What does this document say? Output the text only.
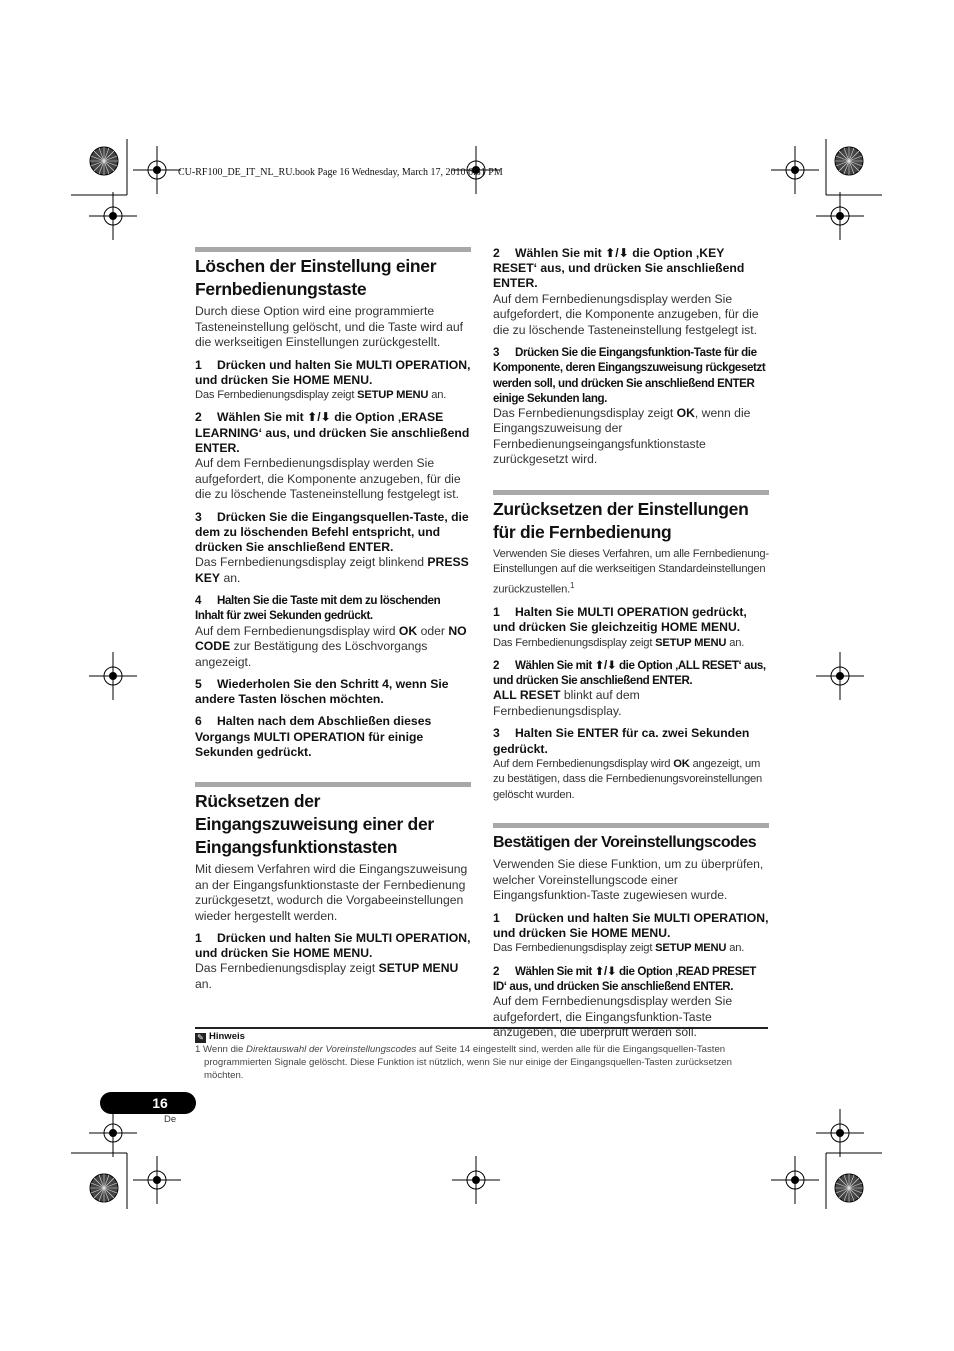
CU-RF100_DE_IT_NL_RU.book Page 16 Wednesday, March 17, 2010 6:31 PM
Löschen der Einstellung einer Fernbedienungstaste

Durch diese Option wird eine programmierte Tasteneinstellung gelöscht, und die Taste wird auf die werkseitigen Einstellungen zurückgestellt.

1 Drücken und halten Sie MULTI OPERATION, und drücken Sie HOME MENU.

Das Fernbedienungsdisplay zeigt SETUP MENU an.

2 Wählen Sie mit ⬆/⬇ die Option ‚ERASE LEARNING‘ aus, und drücken Sie anschließend ENTER.

Auf dem Fernbedienungsdisplay werden Sie aufgefordert, die Komponente anzugeben, für die die zu löschende Tasteneinstellung festgelegt ist.

3 Drücken Sie die Eingangsquellen-Taste, die dem zu löschenden Befehl entspricht, und drücken Sie anschließend ENTER.

Das Fernbedienungsdisplay zeigt blinkend PRESS KEY an.

4 Halten Sie die Taste mit dem zu löschenden Inhalt für zwei Sekunden gedrückt.

Auf dem Fernbedienungsdisplay wird OK oder NO CODE zur Bestätigung des Löschvorgangs angezeigt.

5 Wiederholen Sie den Schritt 4, wenn Sie andere Tasten löschen möchten.
6 Halten nach dem Abschließen dieses Vorgangs MULTI OPERATION für einige Sekunden gedrückt.
Rücksetzen der Eingangszuweisung einer der Eingangsfunktionstasten

Mit diesem Verfahren wird die Eingangszuweisung an der Eingangsfunktionstaste der Fernbedienung zurückgesetzt, wodurch die Vorgabeeinstellungen wieder hergestellt werden.

1 Drücken und halten Sie MULTI OPERATION, und drücken Sie HOME MENU.

Das Fernbedienungsdisplay zeigt SETUP MENU an.

2 Wählen Sie mit ⬆/⬇ die Option ‚KEY RESET‘ aus, und drücken Sie anschließend ENTER.

Auf dem Fernbedienungsdisplay werden Sie aufgefordert, die Komponente anzugeben, für die die zu löschende Tasteneinstellung festgelegt ist.

3 Drücken Sie die Eingangsfunktion-Taste für die Komponente, deren Eingangszuweisung rückgesetzt werden soll, und drücken Sie anschließend ENTER einige Sekunden lang.

Das Fernbedienungsdisplay zeigt OK, wenn die Eingangszuweisung der Fernbedienungseingangsfunktionstaste zurückgesetzt wird.

Zurücksetzen der Einstellungen für die Fernbedienung

Verwenden Sie dieses Verfahren, um alle Fernbedienung-Einstellungen auf die werkseitigen Standardeinstellungen zurückzustellen.$^1$

1 Halten Sie MULTI OPERATION gedrückt, und drücken Sie gleichzeitig HOME MENU.

Das Fernbedienungsdisplay zeigt SETUP MENU an.

2 Wählen Sie mit ⬆/⬇ die Option ‚ALL RESET‘ aus, und drücken Sie anschließend ENTER.

ALL RESET blinkt auf dem Fernbedienungsdisplay.

3 Halten Sie ENTER für ca. zwei Sekunden gedrückt.

Auf dem Fernbedienungsdisplay wird OK angezeigt, um zu bestätigen, dass die Fernbedienungsvoreinstellungen gelöscht wurden.

Bestätigen der Voreinstellungscodes

Verwenden Sie diese Funktion, um zu überprüfen, welcher Voreinstellungscode einer Eingangsfunktion-Taste zugewiesen wurde.

1 Drücken und halten Sie MULTI OPERATION, und drücken Sie HOME MENU.

Das Fernbedienungsdisplay zeigt SETUP MENU an.

2 Wählen Sie mit ⬆/⬇ die Option ‚READ PRESET ID‘ aus, und drücken Sie anschließend ENTER.

Auf dem Fernbedienungsdisplay werden Sie aufgefordert, die Eingangsfunktion-Taste anzugeben, die überprüft werden soll.

✎ Hinweis
1 Wenn die Direktauswahl der Voreinstellungscodes auf Seite 14 eingestellt sind, werden alle für die Eingangsquellen-Tasten programmierten Signale gelöscht. Diese Funktion ist nützlich, wenn Sie nur einige der Eingangsquellen-Tasten zurücksetzen möchten.
16
De
